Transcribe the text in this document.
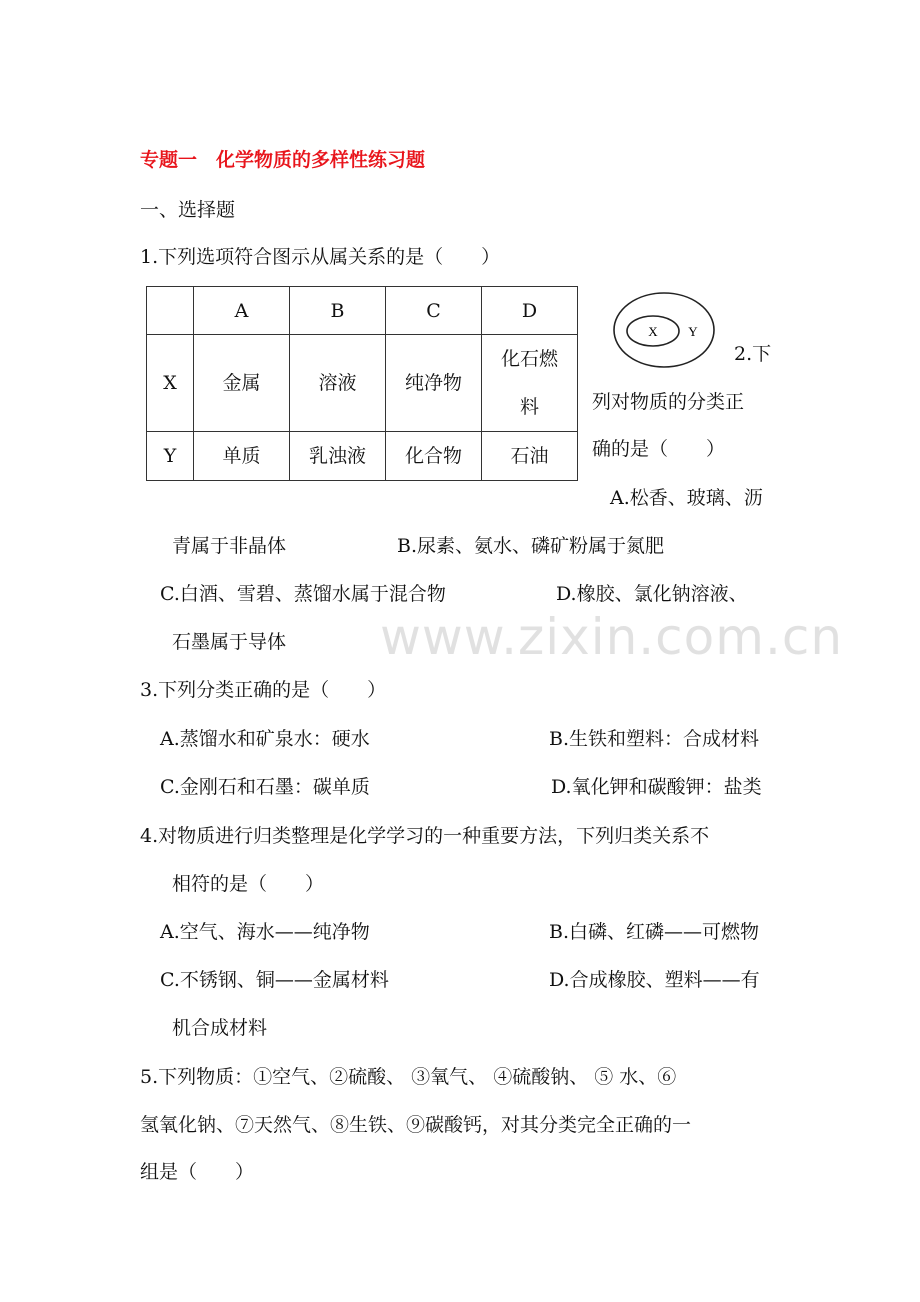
专题一　化学物质的多样性练习题
一、选择题
1.下列选项符合图示从属关系的是（　　）
	A	B	C	D
X	金属	溶液	纯净物	化石燃
料

Y	单质	乳浊液	化合物	石油
X Y
2.下
列对物质的分类正
确的是（　　）
A.松香、玻璃、沥
青属于非晶体	B.尿素、氨水、磷矿粉属于氮肥
C.白酒、雪碧、蒸馏水属于混合物	D.橡胶、氯化钠溶液、
石墨属于导体 www.zixin.com.cn
3.下列分类正确的是（　　）
A.蒸馏水和矿泉水：硬水	B.生铁和塑料：合成材料
C.金刚石和石墨：碳单质	D.氧化钾和碳酸钾：盐类
4.对物质进行归类整理是化学学习的一种重要方法，下列归类关系不
相符的是（　　）
A.空气、海水——纯净物	B.白磷、红磷——可燃物
C.不锈钢、铜——金属材料	D.合成橡胶、塑料——有
机合成材料
5.下列物质：①空气、②硫酸、 ③氧气、 ④硫酸钠、 ⑤ 水、⑥
氢氧化钠、⑦天然气、⑧生铁、⑨碳酸钙，对其分类完全正确的一
组是（　　）
